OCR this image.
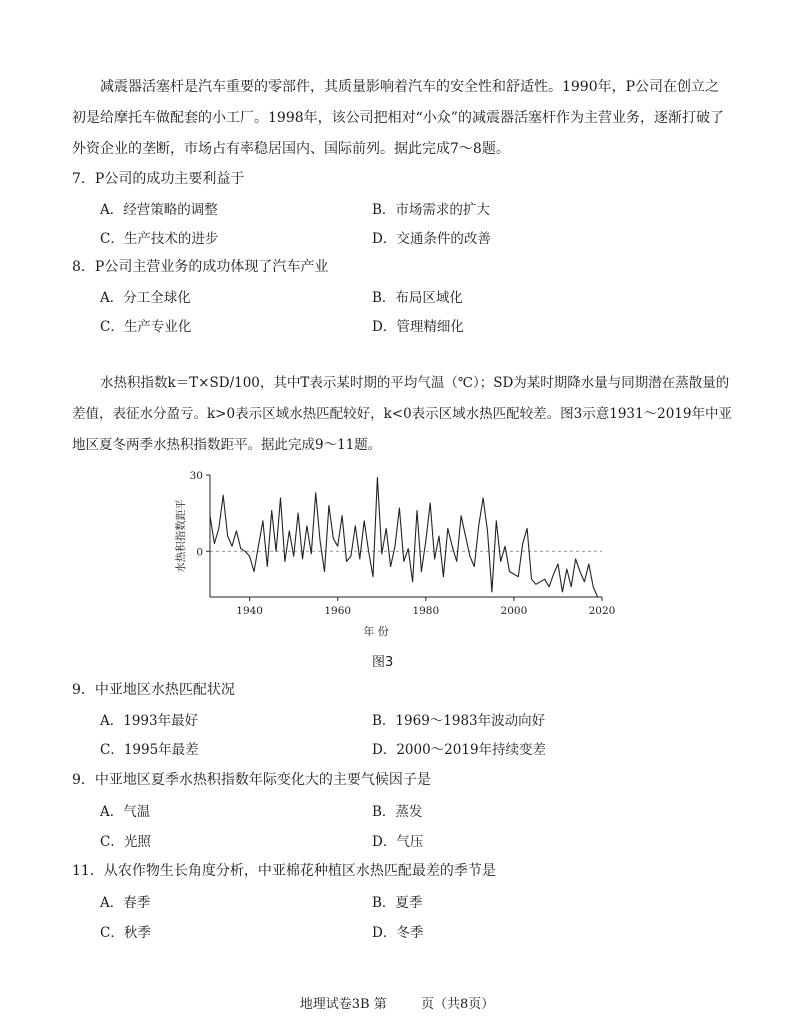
减震器活塞杆是汽车重要的零部件，其质量影响着汽车的安全性和舒适性。1990年，P公司在创立之初是给摩托车做配套的小工厂。1998年，该公司把相对“小众”的减震器活塞杆作为主营业务，逐渐打破了外资企业的垄断，市场占有率稳居国内、国际前列。据此完成7～8题。
7．P公司的成功主要利益于
A．经营策略的调整	B．市场需求的扩大
C．生产技术的进步	D．交通条件的改善
8．P公司主营业务的成功体现了汽车产业
A．分工全球化	B．布局区域化
C．生产专业化	D．管理精细化
水热积指数k＝T×SD/100，其中T表示某时期的平均气温（℃）；SD为某时期降水量与同期潜在蒸散量的差值，表征水分盈亏。k>0表示区域水热匹配较好，k<0表示区域水热匹配较差。图3示意1931～2019年中亚地区夏冬两季水热积指数距平。据此完成9～11题。
1940	1960	1980	2000	2020
30
0
水热积指数距平
年 份
图3
9．中亚地区水热匹配状况
A．1993年最好	B．1969～1983年波动向好
C．1995年最差	D．2000～2019年持续变差
9．中亚地区夏季水热积指数年际变化大的主要气候因子是
A．气温	B．蒸发
C．光照	D．气压
11．从农作物生长角度分析，中亚棉花种植区水热匹配最差的季节是
A．春季	B．夏季
C．秋季	D．冬季
地理试卷3B 第	页（共8页）
